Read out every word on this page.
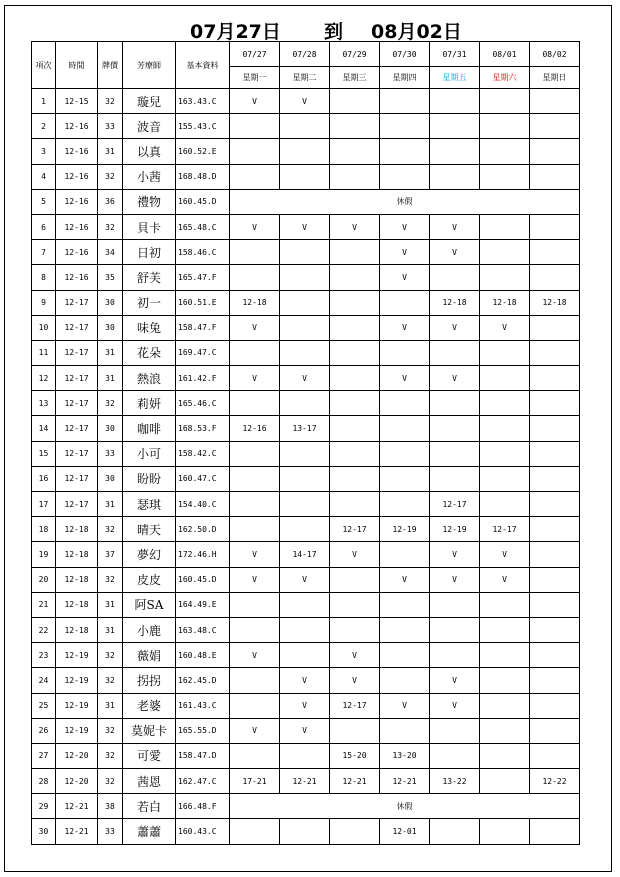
07月27日 到 08月02日
項次	時間	牌價	芳療師	基本資料	07/27	07/28	07/29	07/30	07/31	08/01	08/02
					星期一	星期二	星期三	星期四	星期五	星期六	星期日
1	12-15	32	璇兒	163.43.C	V	V					
2	12-16	33	波音	155.43.C							
3	12-16	31	以真	160.52.E							
4	12-16	32	小茜	168.48.D							
5	12-16	36	禮物	160.45.D	休假						
6	12-16	32	貝卡	165.48.C	V	V	V	V	V		
7	12-16	34	日初	158.46.C				V	V		
8	12-16	35	舒芙	165.47.F				V			
9	12-17	30	初一	160.51.E	12-18				12-18	12-18	12-18
10	12-17	30	味兔	158.47.F	V			V	V	V	
11	12-17	31	花朵	169.47.C							
12	12-17	31	熱浪	161.42.F	V	V		V	V		
13	12-17	32	莉妍	165.46.C							
14	12-17	30	咖啡	168.53.F	12-16	13-17					
15	12-17	33	小可	158.42.C							
16	12-17	30	盼盼	160.47.C							
17	12-17	31	瑟琪	154.40.C					12-17		
18	12-18	32	晴天	162.50.D			12-17	12-19	12-19	12-17	
19	12-18	37	夢幻	172.46.H	V	14-17	V		V	V	
20	12-18	32	皮皮	160.45.D	V	V		V	V	V	
21	12-18	31	阿SA	164.49.E							
22	12-18	31	小鹿	163.48.C							
23	12-19	32	薇娟	160.48.E	V		V				
24	12-19	32	拐拐	162.45.D		V	V		V		
25	12-19	31	老婆	161.43.C		V	12-17	V	V		
26	12-19	32	莫妮卡	165.55.D	V	V					
27	12-20	32	可愛	158.47.D			15-20	13-20			
28	12-20	32	茜恩	162.47.C	17-21	12-21	12-21	12-21	13-22		12-22
29	12-21	38	若白	166.48.F	休假						
30	12-21	33	蕭蕭	160.43.C				12-01			
